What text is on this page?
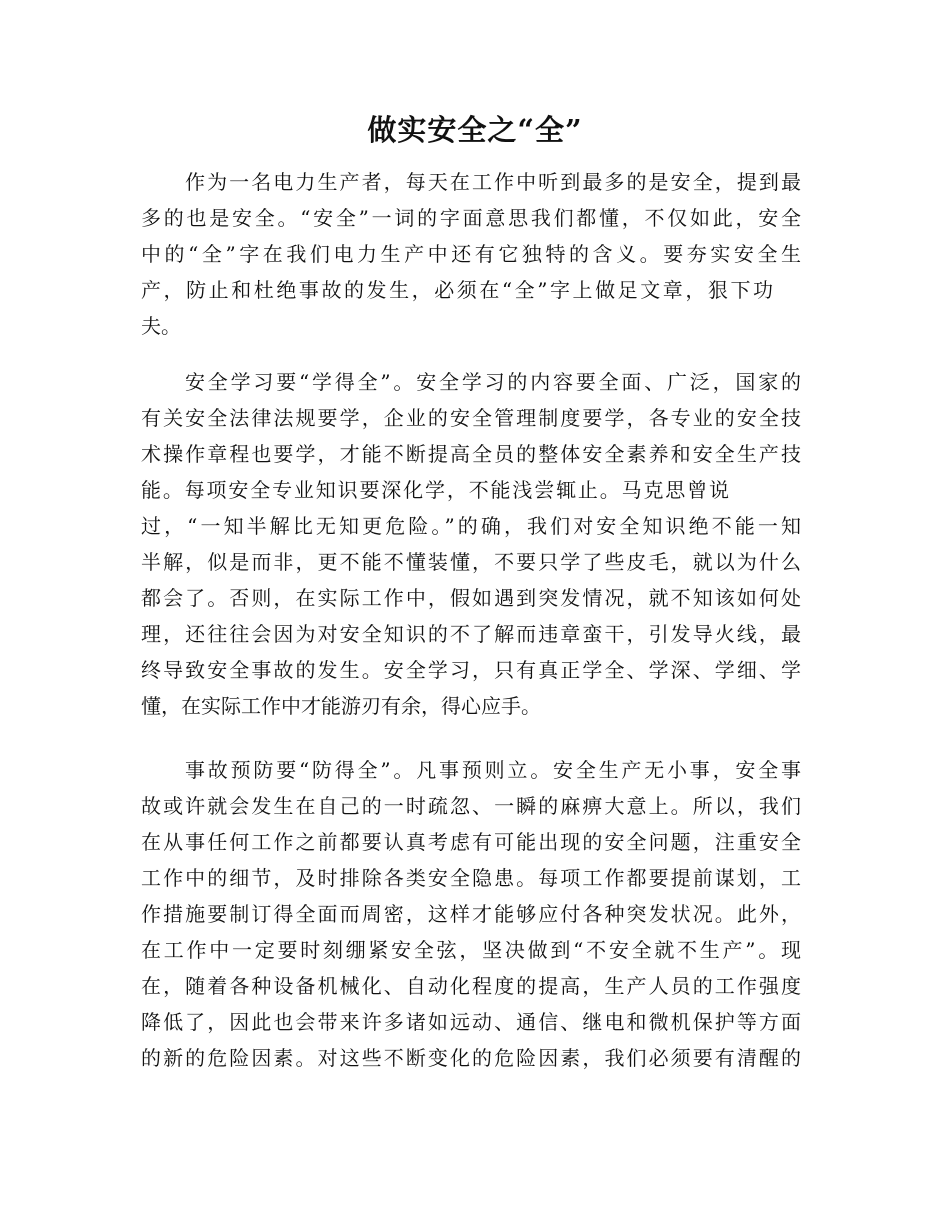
做实安全之“全”

作为一名电力生产者，每天在工作中听到最多的是安全，提到最

多的也是安全。“安全”一词的字面意思我们都懂，不仅如此，安全

中的“全”字在我们电力生产中还有它独特的含义。要夯实安全生

产，防止和杜绝事故的发生，必须在“全”字上做足文章，狠下功

夫。

安全学习要“学得全”。安全学习的内容要全面、广泛，国家的

有关安全法律法规要学，企业的安全管理制度要学，各专业的安全技

术操作章程也要学，才能不断提高全员的整体安全素养和安全生产技

能。每项安全专业知识要深化学，不能浅尝辄止。马克思曾说

过，“一知半解比无知更危险。”的确，我们对安全知识绝不能一知

半解，似是而非，更不能不懂装懂，不要只学了些皮毛，就以为什么

都会了。否则，在实际工作中，假如遇到突发情况，就不知该如何处

理，还往往会因为对安全知识的不了解而违章蛮干，引发导火线，最

终导致安全事故的发生。安全学习，只有真正学全、学深、学细、学

懂，在实际工作中才能游刃有余，得心应手。

事故预防要“防得全”。凡事预则立。安全生产无小事，安全事

故或许就会发生在自己的一时疏忽、一瞬的麻痹大意上。所以，我们

在从事任何工作之前都要认真考虑有可能出现的安全问题，注重安全

工作中的细节，及时排除各类安全隐患。每项工作都要提前谋划，工

作措施要制订得全面而周密，这样才能够应付各种突发状况。此外，

在工作中一定要时刻绷紧安全弦，坚决做到“不安全就不生产”。现

在，随着各种设备机械化、自动化程度的提高，生产人员的工作强度

降低了，因此也会带来许多诸如远动、通信、继电和微机保护等方面

的新的危险因素。对这些不断变化的危险因素，我们必须要有清醒的
